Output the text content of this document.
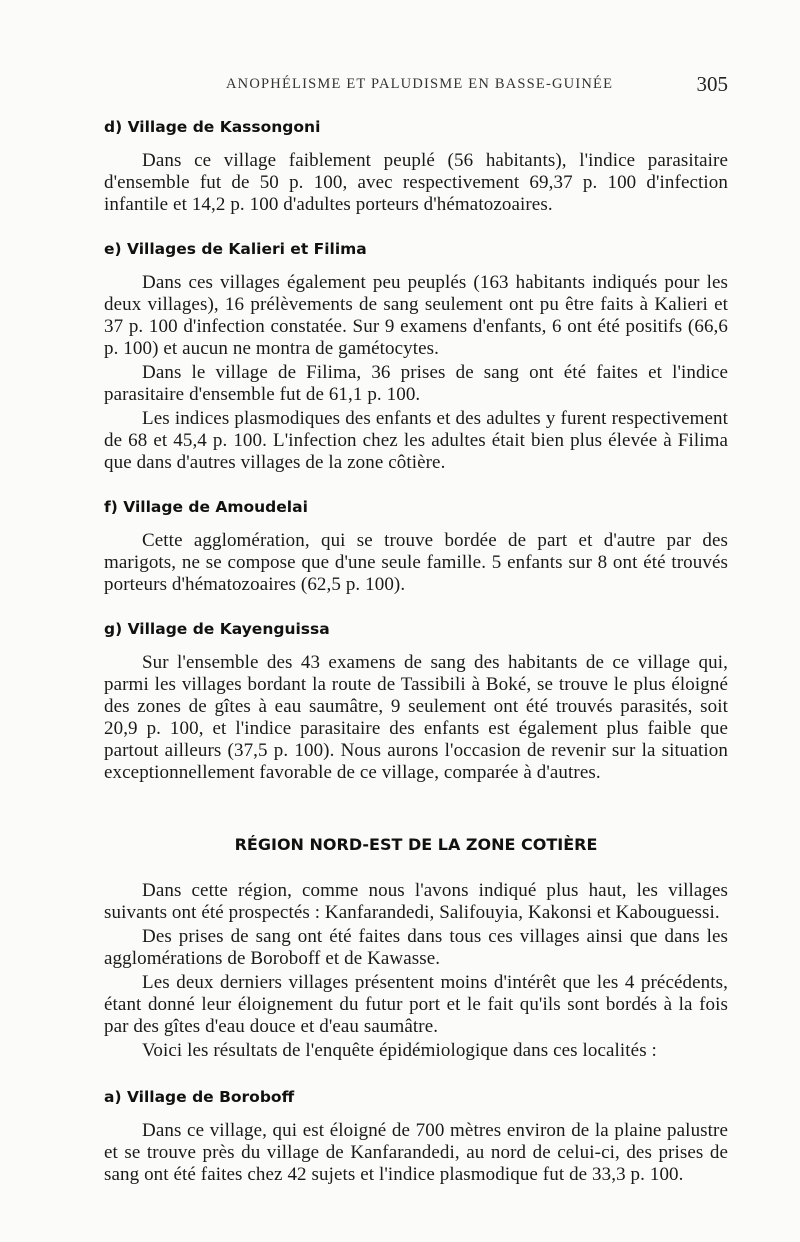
ANOPHÉLISME ET PALUDISME EN BASSE-GUINÉE	305
d) Village de Kassongoni

Dans ce village faiblement peuplé (56 habitants), l'indice parasitaire d'ensemble fut de 50 p. 100, avec respectivement 69,37 p. 100 d'infection infantile et 14,2 p. 100 d'adultes porteurs d'hématozoaires.

e) Villages de Kalieri et Filima

Dans ces villages également peu peuplés (163 habitants indiqués pour les deux villages), 16 prélèvements de sang seulement ont pu être faits à Kalieri et 37 p. 100 d'infection constatée. Sur 9 examens d'enfants, 6 ont été positifs (66,6 p. 100) et aucun ne montra de gamétocytes.

Dans le village de Filima, 36 prises de sang ont été faites et l'indice parasitaire d'ensemble fut de 61,1 p. 100.

Les indices plasmodiques des enfants et des adultes y furent respectivement de 68 et 45,4 p. 100. L'infection chez les adultes était bien plus élevée à Filima que dans d'autres villages de la zone côtière.

f) Village de Amoudelai

Cette agglomération, qui se trouve bordée de part et d'autre par des marigots, ne se compose que d'une seule famille. 5 enfants sur 8 ont été trouvés porteurs d'hématozoaires (62,5 p. 100).

g) Village de Kayenguissa

Sur l'ensemble des 43 examens de sang des habitants de ce village qui, parmi les villages bordant la route de Tassibili à Boké, se trouve le plus éloigné des zones de gîtes à eau saumâtre, 9 seulement ont été trouvés parasités, soit 20,9 p. 100, et l'indice parasitaire des enfants est également plus faible que partout ailleurs (37,5 p. 100). Nous aurons l'occasion de revenir sur la situation exceptionnellement favorable de ce village, comparée à d'autres.

RÉGION NORD-EST DE LA ZONE COTIÈRE

Dans cette région, comme nous l'avons indiqué plus haut, les villages suivants ont été prospectés : Kanfarandedi, Salifouyia, Kakonsi et Kabouguessi.

Des prises de sang ont été faites dans tous ces villages ainsi que dans les agglomérations de Boroboff et de Kawasse.

Les deux derniers villages présentent moins d'intérêt que les 4 précédents, étant donné leur éloignement du futur port et le fait qu'ils sont bordés à la fois par des gîtes d'eau douce et d'eau saumâtre.

Voici les résultats de l'enquête épidémiologique dans ces localités :

a) Village de Boroboff

Dans ce village, qui est éloigné de 700 mètres environ de la plaine palustre et se trouve près du village de Kanfarandedi, au nord de celui-ci, des prises de sang ont été faites chez 42 sujets et l'indice plasmodique fut de 33,3 p. 100.
